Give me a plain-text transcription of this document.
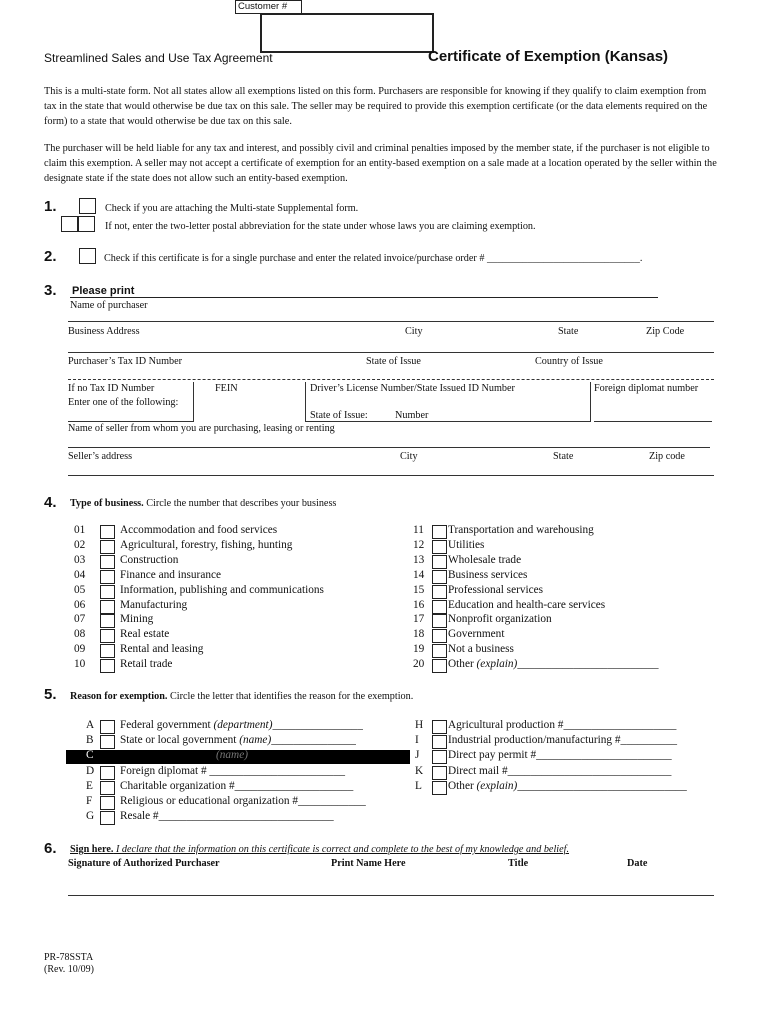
Customer #
Streamlined Sales and Use Tax Agreement	Certificate of Exemption (Kansas)
This is a multi-state form. Not all states allow all exemptions listed on this form. Purchasers are responsible for knowing if they qualify to claim exemption from tax in the state that would otherwise be due tax on this sale. The seller may be required to provide this exemption certificate (or the data elements required on the form) to a state that would otherwise be due tax on this sale.
The purchaser will be held liable for any tax and interest, and possibly civil and criminal penalties imposed by the member state, if the purchaser is not eligible to claim this exemption. A seller may not accept a certificate of exemption for an entity-based exemption on a sale made at a location operated by the seller within the designate state if the state does not allow such an entity-based exemption.
1.	Check if you are attaching the Multi-state Supplemental form.
If not, enter the two-letter postal abbreviation for the state under whose laws you are claiming exemption.
2.	Check if this certificate is for a single purchase and enter the related invoice/purchase order # ______________________________.
3. Please print
Name of purchaser
Business Address	City	State	Zip Code
Purchaser’s Tax ID Number	State of Issue	Country of Issue
If no Tax ID Number
Enter one of the following:
FEIN	Driver’s License Number/State Issued ID Number
State of Issue:	Number
Foreign diplomat number
Name of seller from whom you are purchasing, leasing or renting
Seller’s address	City	State	Zip code
4. Type of business. Circle the number that describes your business
01	Accommodation and food services
02	Agricultural, forestry, fishing, hunting
03	Construction
04	Finance and insurance
05	Information, publishing and communications
06	Manufacturing
07	Mining
08	Real estate
09	Rental and leasing
10	Retail trade
11 Transportation and warehousing
12 Utilities
13 Wholesale trade
14 Business services
15 Professional services
16 Education and health-care services
17 Nonprofit organization
18 Government
19 Not a business
20 Other (explain)_________________________
5. Reason for exemption. Circle the letter that identifies the reason for the exemption.
A Federal government (department)________________
B State or local government (name)_______________
C	(name)
D Foreign diplomat # ________________________
E Charitable organization #_____________________
F Religious or educational organization #____________
G Resale #_______________________________
H Agricultural production #____________________
I	Industrial production/manufacturing #__________
J	Direct pay permit #________________________
K Direct mail #_____________________________
L Other (explain)______________________________
6. Sign here. I declare that the information on this certificate is correct and complete to the best of my knowledge and belief.
Signature of Authorized Purchaser	Print Name Here	Title	Date
PR-78SSTA
(Rev. 10/09)
